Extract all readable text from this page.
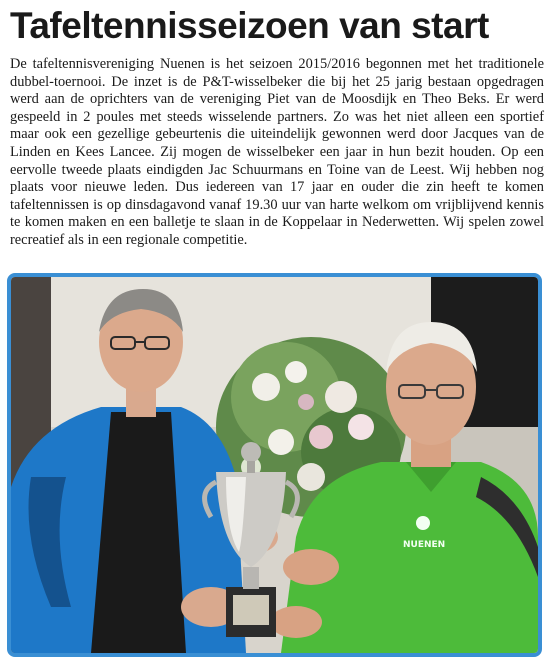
Tafeltennisseizoen van start

De tafeltennisvereniging Nuenen is het seizoen 2015/2016 begonnen met het traditionele dubbel-toernooi. De inzet is de P&T-wisselbeker die bij het 25 jarig bestaan opgedragen werd aan de oprichters van de vereniging Piet van de Moosdijk en Theo Beks. Er werd gespeeld in 2 poules met steeds wisselende partners. Zo was het niet alleen een sportief maar ook een gezellige gebeurtenis die uiteindelijk gewonnen werd door Jacques van de Linden en Kees Lancee. Zij mogen de wisselbeker een jaar in hun bezit houden. Op een eervolle tweede plaats eindigden Jac Schuurmans en Toine van de Leest. Wij hebben nog plaats voor nieuwe leden. Dus iedereen van 17 jaar en ouder die zin heeft te komen tafeltennissen is op dinsdagavond vanaf 19.30 uur van harte welkom om vrijblijvend kennis te komen maken en een balletje te slaan in de Koppelaar in Nederwetten. Wij spelen zowel recreatief als in een regionale competitie.

NUENEN
